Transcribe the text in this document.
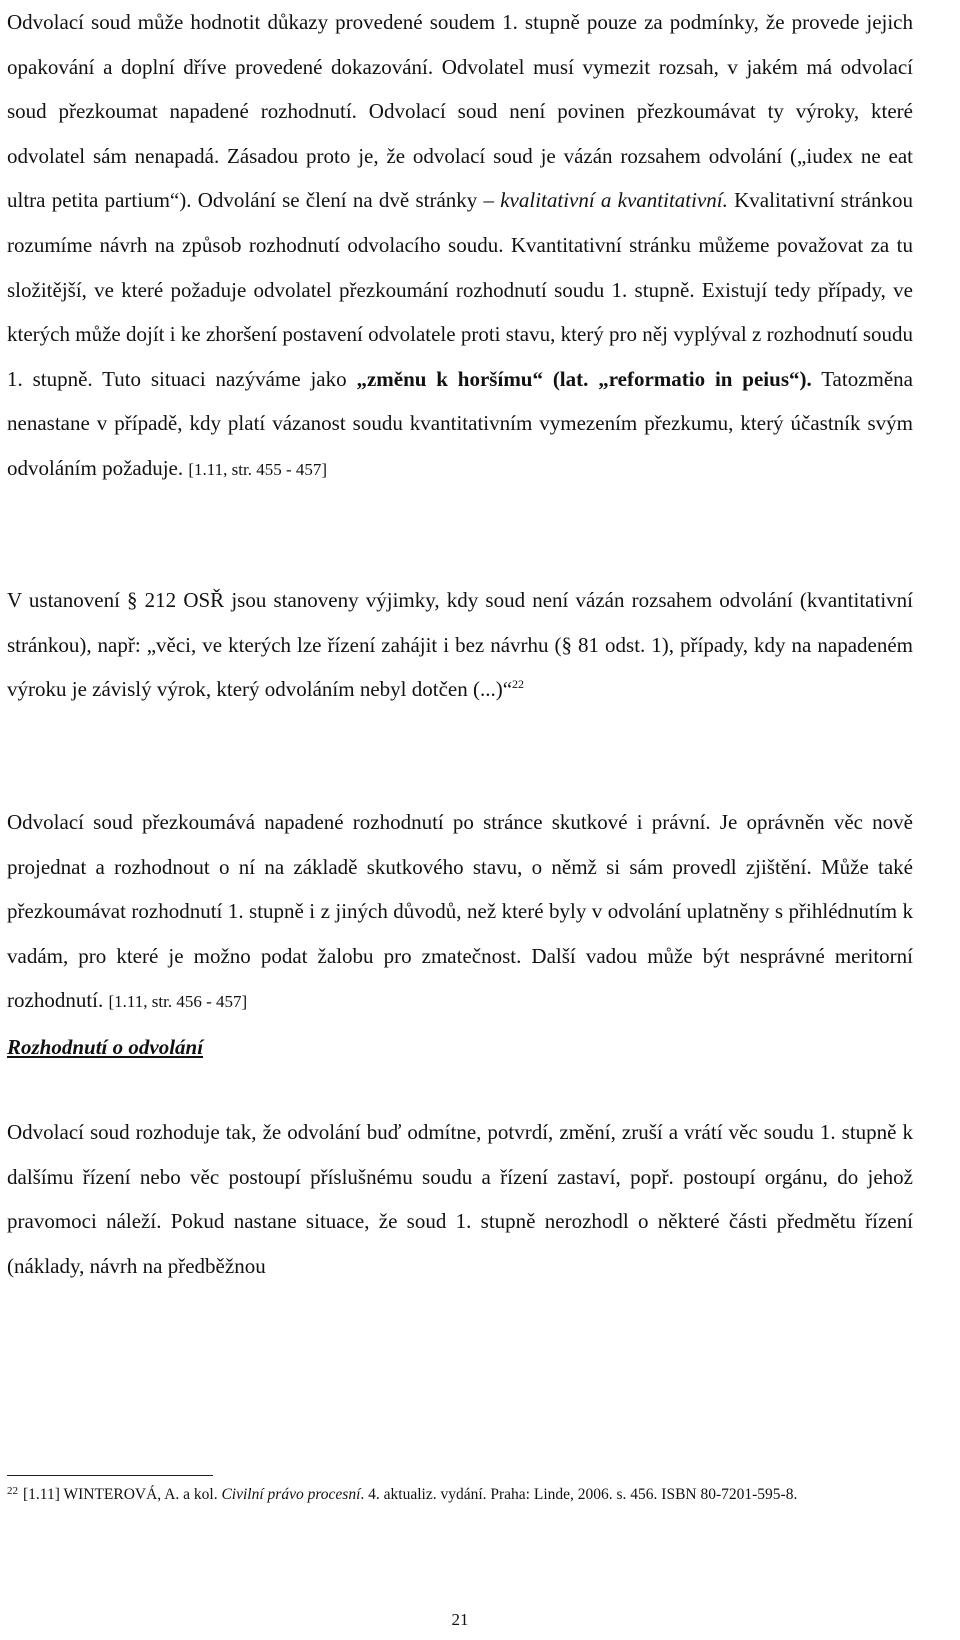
Odvolací soud může hodnotit důkazy provedené soudem 1. stupně pouze za podmínky, že provede jejich opakování a doplní dříve provedené dokazování. Odvolatel musí vymezit rozsah, v jakém má odvolací soud přezkoumat napadené rozhodnutí. Odvolací soud není povinen přezkoumávat ty výroky, které odvolatel sám nenapadá. Zásadou proto je, že odvolací soud je vázán rozsahem odvolání („iudex ne eat ultra petita partium“). Odvolání se člení na dvě stránky – kvalitativní a kvantitativní. Kvalitativní stránkou rozumíme návrh na způsob rozhodnutí odvolacího soudu. Kvantitativní stránku můžeme považovat za tu složitější, ve které požaduje odvolatel přezkoumání rozhodnutí soudu 1. stupně. Existují tedy případy, ve kterých může dojít i ke zhoršení postavení odvolatele proti stavu, který pro něj vyplýval z rozhodnutí soudu 1. stupně. Tuto situaci nazýváme jako „změnu k horšímu“ (lat. „reformatio in peius“). Tatozměna nenastane v případě, kdy platí vázanost soudu kvantitativním vymezením přezkumu, který účastník svým odvoláním požaduje. [1.11, str. 455 - 457]

V ustanovení § 212 OSŘ jsou stanoveny výjimky, kdy soud není vázán rozsahem odvolání (kvantitativní stránkou), např: „věci, ve kterých lze řízení zahájit i bez návrhu (§ 81 odst. 1), případy, kdy na napadeném výroku je závislý výrok, který odvoláním nebyl dotčen (...)“$^{22}$

Odvolací soud přezkoumává napadené rozhodnutí po stránce skutkové i právní. Je oprávněn věc nově projednat a rozhodnout o ní na základě skutkového stavu, o němž si sám provedl zjištění. Může také přezkoumávat rozhodnutí 1. stupně i z jiných důvodů, než které byly v odvolání uplatněny s přihlédnutím k vadám, pro které je možno podat žalobu pro zmatečnost. Další vadou může být nesprávné meritorní rozhodnutí. [1.11, str. 456 - 457]

Rozhodnutí o odvolání

Odvolací soud rozhoduje tak, že odvolání buď odmítne, potvrdí, změní, zruší a vrátí věc soudu 1. stupně k dalšímu řízení nebo věc postoupí příslušnému soudu a řízení zastaví, popř. postoupí orgánu, do jehož pravomoci náleží. Pokud nastane situace, že soud 1. stupně nerozhodl o některé části předmětu řízení (náklady, návrh na předběžnou

22 [1.11] WINTEROVÁ, A. a kol. Civilní právo procesní. 4. aktualiz. vydání. Praha: Linde, 2006. s. 456. ISBN 80-7201-595-8.
21
